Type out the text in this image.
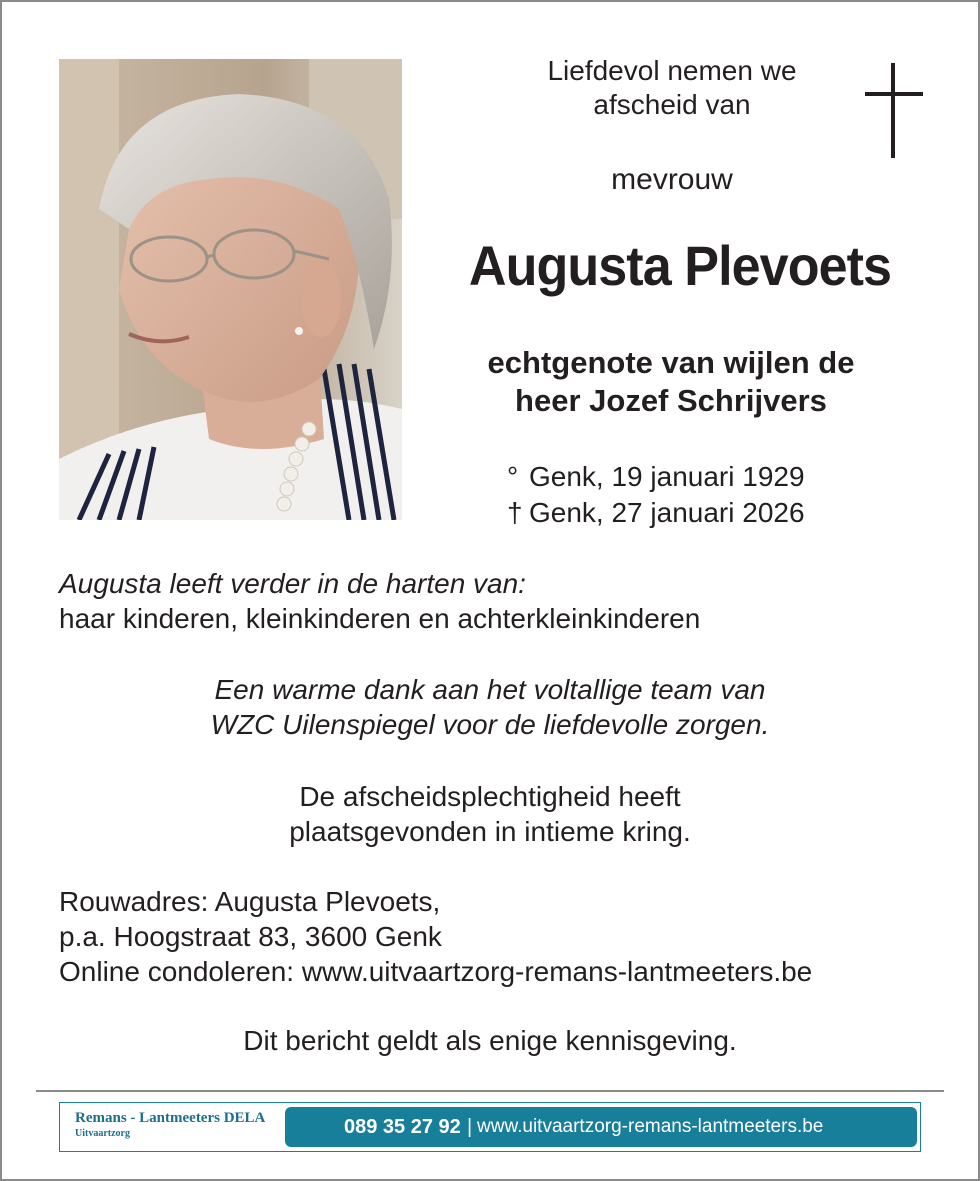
Liefdevol nemen we
afscheid van
mevrouw
Augusta Plevoets
echtgenote van wijlen de
heer Jozef Schrijvers
° Genk, 19 januari 1929
† Genk, 27 januari 2026
Augusta leeft verder in de harten van:
haar kinderen, kleinkinderen en achterkleinkinderen
Een warme dank aan het voltallige team van
WZC Uilenspiegel voor de liefdevolle zorgen.
De afscheidsplechtigheid heeft
plaatsgevonden in intieme kring.
Rouwadres: Augusta Plevoets,
p.a. Hoogstraat 83, 3600 Genk
Online condoleren: www.uitvaartzorg-remans-lantmeeters.be
Dit bericht geldt als enige kennisgeving.
Remans - Lantmeeters DELA
Uitvaartzorg	089 35 27 92 | www.uitvaartzorg-remans-lantmeeters.be
